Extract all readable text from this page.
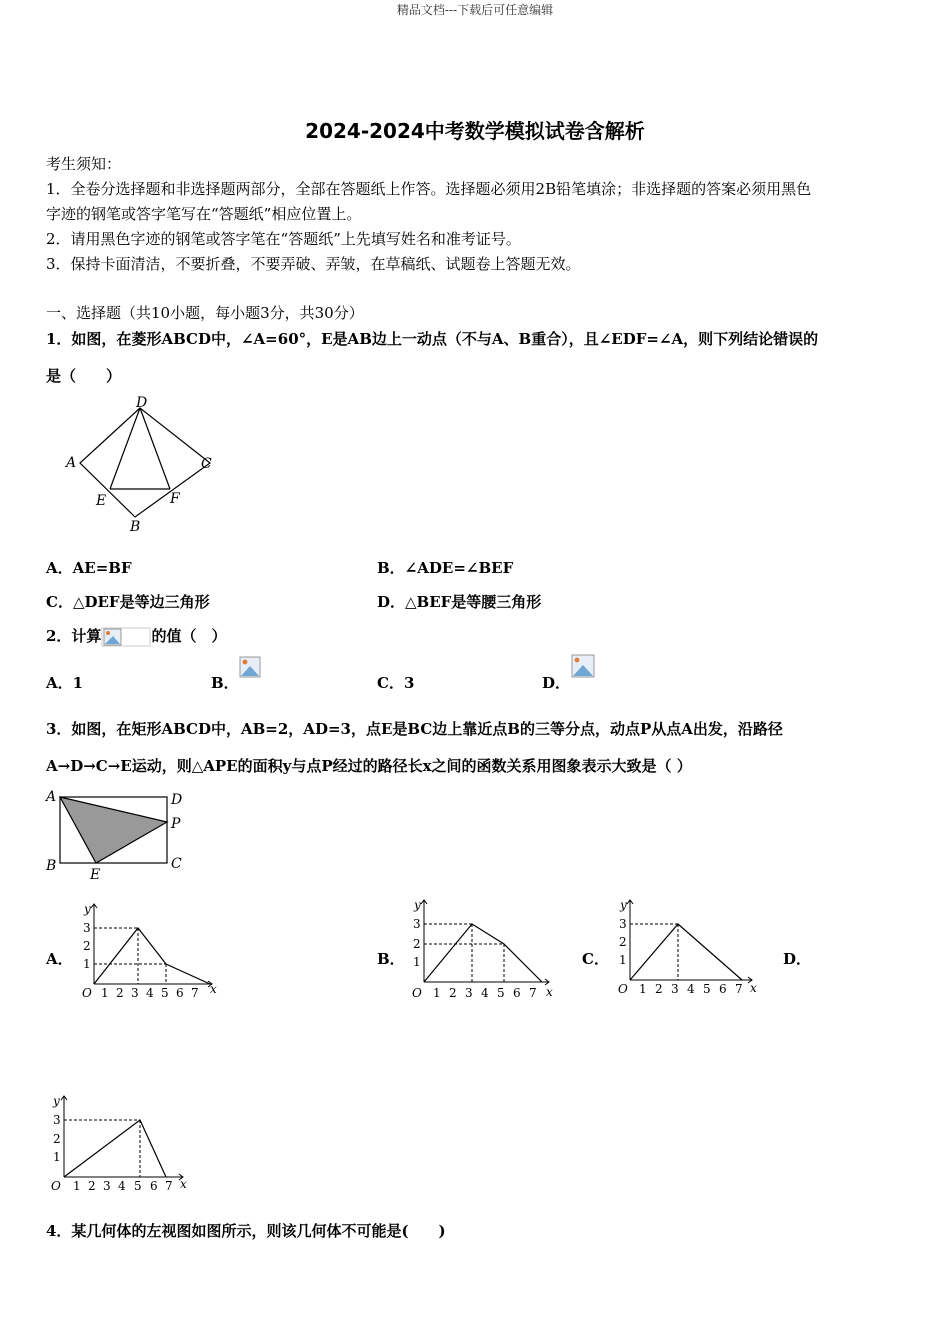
精品文档---下载后可任意编辑
2024-2024中考数学模拟试卷含解析
考生须知：
1．全卷分选择题和非选择题两部分，全部在答题纸上作答。选择题必须用2B铅笔填涂；非选择题的答案必须用黑色
字迹的钢笔或答字笔写在“答题纸”相应位置上。
2．请用黑色字迹的钢笔或答字笔在“答题纸”上先填写姓名和准考证号。
3．保持卡面清洁，不要折叠，不要弄破、弄皱，在草稿纸、试题卷上答题无效。
一、选择题（共10小题，每小题3分，共30分）
1．如图，在菱形ABCD中，∠A=60°，E是AB边上一动点（不与A、B重合），且∠EDF=∠A，则下列结论错误的
是（　　）
D
A	C
E	F
B
A．AE=BF	B．∠ADE=∠BEF
C．△DEF是等边三角形	D．△BEF是等腰三角形
2．计算	的值（　）
A．1	B．	C．3	D．
3．如图，在矩形ABCD中，AB=2，AD=3，点E是BC边上靠近点B的三等分点，动点P从点A出发，沿路径
A→D→C→E运动，则△APE的面积y与点P经过的路径长x之间的函数关系用图象表示大致是（ ）
A	D
P
C
B
E
A．	B．	C．	D．
y
x
O
1
2
3
1 2 3 4 5 6 7
y
x
O
1
2
3
1 2 3 4 5 6 7
y
x
O
1
2
3
1 2 3 4 5 6 7
y
x
O
1
2
3
1 2 3 4 5 6 7
4．某几何体的左视图如图所示，则该几何体不可能是(　　)
